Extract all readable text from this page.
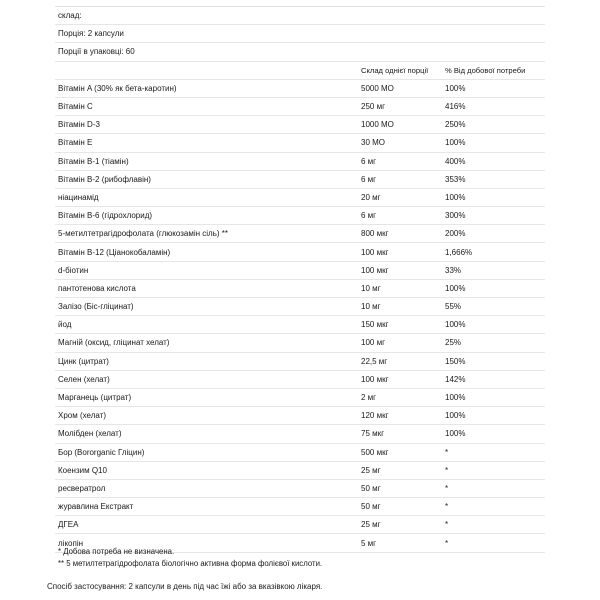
склад:
Порція: 2 капсули
Порції в упаковці: 60
Склад однієї порції	% Від добової потреби
Вітамін A (30% як бета-каротин)	5000 МО	100%
Вітамін C	250 мг	416%
Вітамін D-3	1000 МО	250%
Вітамін E	30 МО	100%
Вітамін B-1 (тіамін)	6 мг	400%
Вітамін B-2 (рибофлавін)	6 мг	353%
ніацинамід	20 мг	100%
Вітамін B-6 (гідрохлорид)	6 мг	300%
5-метилтетрагідрофолата (глюкозамін сіль) **	800 мкг	200%
Вітамін B-12 (Ціанокобаламін)	100 мкг	1,666%
d-біотин	100 мкг	33%
пантотенова кислота	10 мг	100%
Залізо (Біс-гліцинат)	10 мг	55%
йод	150 мкг	100%
Магній (оксид, гліцинат хелат)	100 мг	25%
Цинк (цитрат)	22,5 мг	150%
Селен (хелат)	100 мкг	142%
Марганець (цитрат)	2 мг	100%
Хром (хелат)	120 мкг	100%
Молібден (хелат)	75 мкг	100%
Бор (Bororganic Гліцин)	500 мкг	*
Коензим Q10	25 мг	*
ресвератрол	50 мг	*
журавлина Екстракт	50 мг	*
ДГЕА	25 мг	*
лікопін	5 мг	*
* Добова потреба не визначена.
** 5 метилтетрагідрофолата біологічно активна форма фолієвої кислоти.
Спосіб застосування: 2 капсули в день під час їжі або за вказівкою лікаря.
